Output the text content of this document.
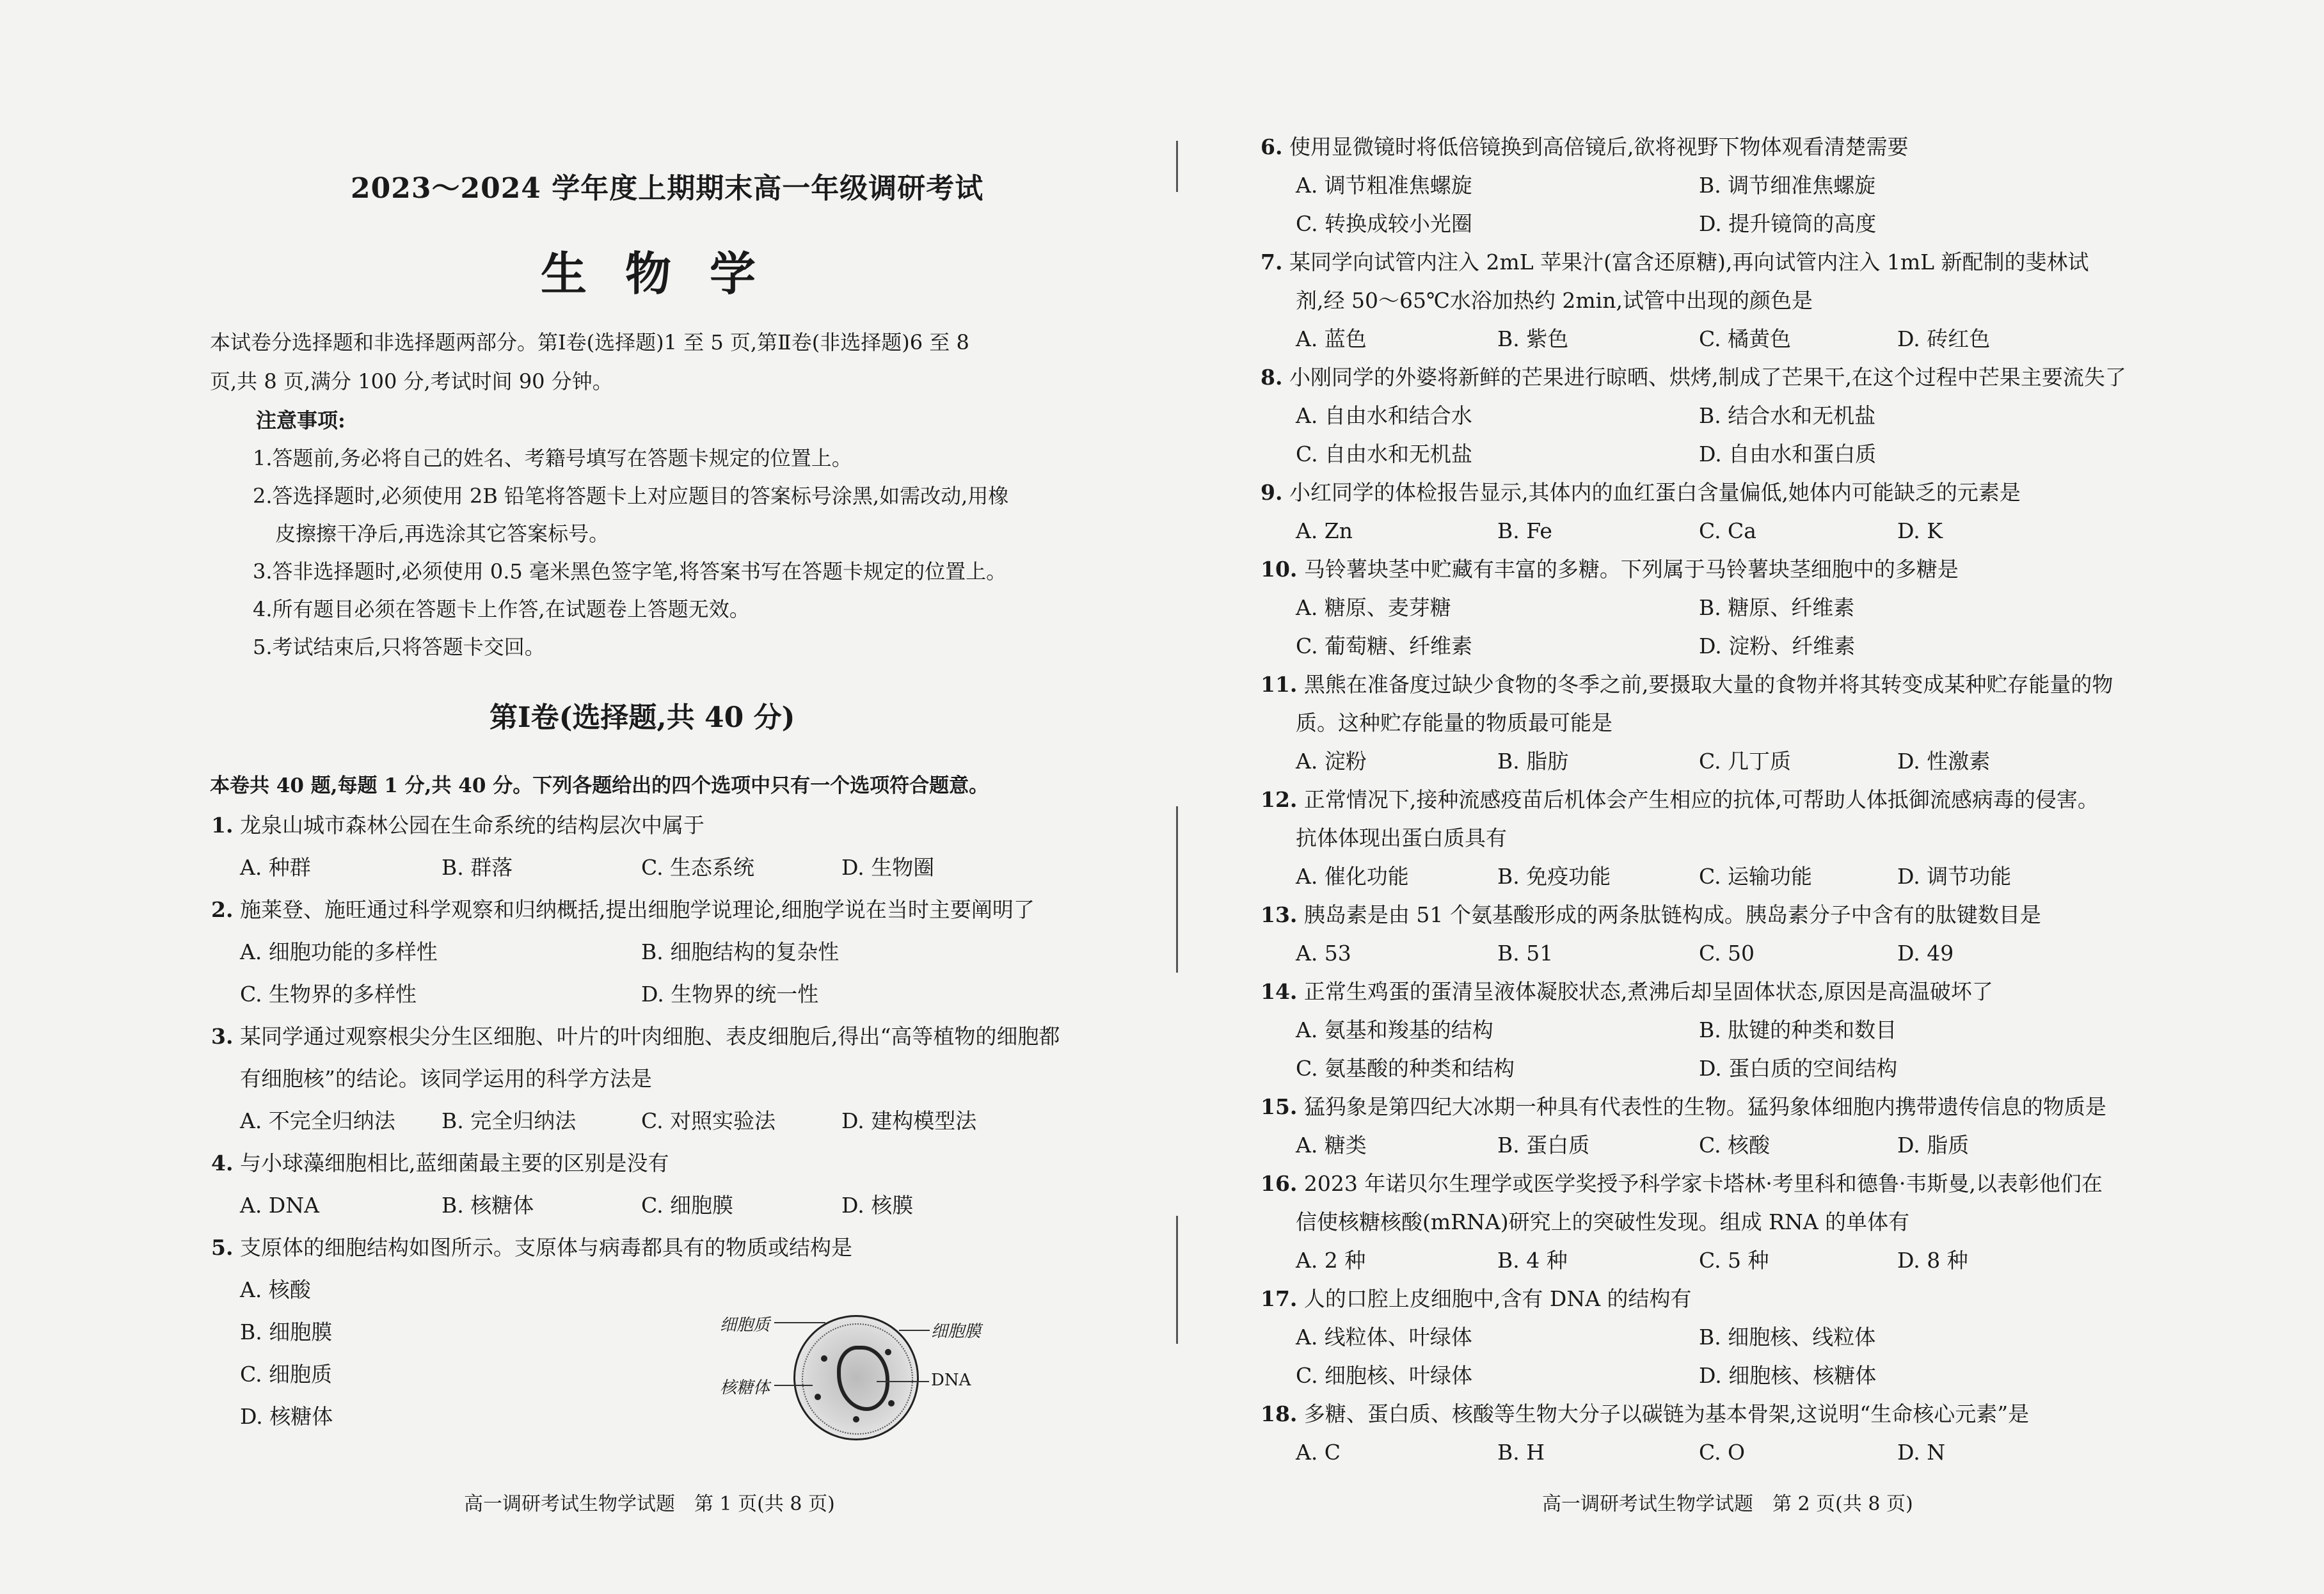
2023～2024 学年度上期期末高一年级调研考试
生物学
本试卷分选择题和非选择题两部分。第Ⅰ卷(选择题)1 至 5 页,第Ⅱ卷(非选择题)6 至 8
页,共 8 页,满分 100 分,考试时间 90 分钟。
注意事项:
1.答题前,务必将自己的姓名、考籍号填写在答题卡规定的位置上。
2.答选择题时,必须使用 2B 铅笔将答题卡上对应题目的答案标号涂黑,如需改动,用橡
皮擦擦干净后,再选涂其它答案标号。
3.答非选择题时,必须使用 0.5 毫米黑色签字笔,将答案书写在答题卡规定的位置上。
4.所有题目必须在答题卡上作答,在试题卷上答题无效。
5.考试结束后,只将答题卡交回。
第Ⅰ卷(选择题,共 40 分)
本卷共 40 题,每题 1 分,共 40 分。下列各题给出的四个选项中只有一个选项符合题意。
1. 龙泉山城市森林公园在生命系统的结构层次中属于
A. 种群	B. 群落	C. 生态系统	D. 生物圈
2. 施莱登、施旺通过科学观察和归纳概括,提出细胞学说理论,细胞学说在当时主要阐明了
A. 细胞功能的多样性	B. 细胞结构的复杂性
C. 生物界的多样性	D. 生物界的统一性
3. 某同学通过观察根尖分生区细胞、叶片的叶肉细胞、表皮细胞后,得出“高等植物的细胞都
有细胞核”的结论。该同学运用的科学方法是
A. 不完全归纳法 B. 完全归纳法	C. 对照实验法	D. 建构模型法
4. 与小球藻细胞相比,蓝细菌最主要的区别是没有
A. DNA	B. 核糖体	C. 细胞膜	D. 核膜
5. 支原体的细胞结构如图所示。支原体与病毒都具有的物质或结构是
A. 核酸
B. 细胞膜
C. 细胞质
D. 核糖体
细胞质	细胞膜
核糖体	DNA
高一调研考试生物学试题　第 1 页(共 8 页)
6. 使用显微镜时将低倍镜换到高倍镜后,欲将视野下物体观看清楚需要
A. 调节粗准焦螺旋	B. 调节细准焦螺旋
C. 转换成较小光圈	D. 提升镜筒的高度
7. 某同学向试管内注入 2mL 苹果汁(富含还原糖),再向试管内注入 1mL 新配制的斐林试
剂,经 50～65℃水浴加热约 2min,试管中出现的颜色是
A. 蓝色	B. 紫色	C. 橘黄色	D. 砖红色
8. 小刚同学的外婆将新鲜的芒果进行晾晒、烘烤,制成了芒果干,在这个过程中芒果主要流失了
A. 自由水和结合水	B. 结合水和无机盐
C. 自由水和无机盐	D. 自由水和蛋白质
9. 小红同学的体检报告显示,其体内的血红蛋白含量偏低,她体内可能缺乏的元素是
A. Zn	B. Fe	C. Ca	D. K
10. 马铃薯块茎中贮藏有丰富的多糖。下列属于马铃薯块茎细胞中的多糖是
A. 糖原、麦芽糖	B. 糖原、纤维素
C. 葡萄糖、纤维素	D. 淀粉、纤维素
11. 黑熊在准备度过缺少食物的冬季之前,要摄取大量的食物并将其转变成某种贮存能量的物
质。这种贮存能量的物质最可能是
A. 淀粉	B. 脂肪	C. 几丁质	D. 性激素
12. 正常情况下,接种流感疫苗后机体会产生相应的抗体,可帮助人体抵御流感病毒的侵害。
抗体体现出蛋白质具有
A. 催化功能	B. 免疫功能	C. 运输功能	D. 调节功能
13. 胰岛素是由 51 个氨基酸形成的两条肽链构成。胰岛素分子中含有的肽键数目是
A. 53	B. 51	C. 50	D. 49
14. 正常生鸡蛋的蛋清呈液体凝胶状态,煮沸后却呈固体状态,原因是高温破坏了
A. 氨基和羧基的结构	B. 肽键的种类和数目
C. 氨基酸的种类和结构	D. 蛋白质的空间结构
15. 猛犸象是第四纪大冰期一种具有代表性的生物。猛犸象体细胞内携带遗传信息的物质是
A. 糖类	B. 蛋白质	C. 核酸	D. 脂质
16. 2023 年诺贝尔生理学或医学奖授予科学家卡塔林·考里科和德鲁·韦斯曼,以表彰他们在
信使核糖核酸(mRNA)研究上的突破性发现。组成 RNA 的单体有
A. 2 种	B. 4 种	C. 5 种	D. 8 种
17. 人的口腔上皮细胞中,含有 DNA 的结构有
A. 线粒体、叶绿体	B. 细胞核、线粒体
C. 细胞核、叶绿体	D. 细胞核、核糖体
18. 多糖、蛋白质、核酸等生物大分子以碳链为基本骨架,这说明“生命核心元素”是
A. C	B. H	C. O	D. N
高一调研考试生物学试题　第 2 页(共 8 页)
